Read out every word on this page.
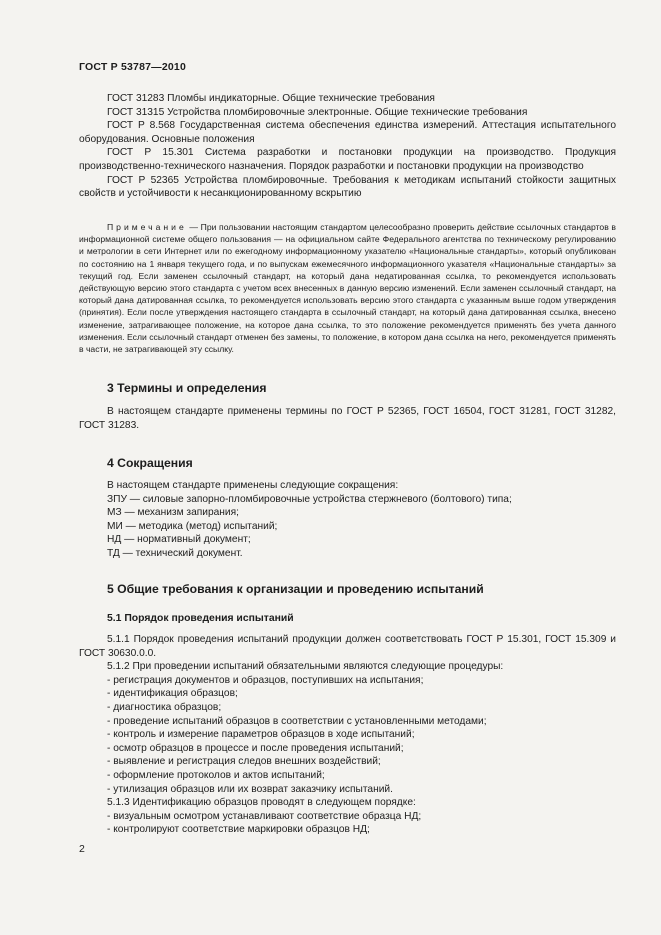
ГОСТ Р 53787—2010

ГОСТ 31283 Пломбы индикаторные. Общие технические требования

ГОСТ 31315 Устройства пломбировочные электронные. Общие технические требования

ГОСТ Р 8.568 Государственная система обеспечения единства измерений. Аттестация испытательного оборудования. Основные положения

ГОСТ Р 15.301 Система разработки и постановки продукции на производство. Продукция производственно-технического назначения. Порядок разработки и постановки продукции на производство

ГОСТ Р 52365 Устройства пломбировочные. Требования к методикам испытаний стойкости защитных свойств и устойчивости к несанкционированному вскрытию

Примечание — При пользовании настоящим стандартом целесообразно проверить действие ссылочных стандартов в информационной системе общего пользования — на официальном сайте Федерального агентства по техническому регулированию и метрологии в сети Интернет или по ежегодному информационному указателю «Национальные стандарты», который опубликован по состоянию на 1 января текущего года, и по выпускам ежемесячного информационного указателя «Национальные стандарты» за текущий год. Если заменен ссылочный стандарт, на который дана недатированная ссылка, то рекомендуется использовать действующую версию этого стандарта с учетом всех внесенных в данную версию изменений. Если заменен ссылочный стандарт, на который дана датированная ссылка, то рекомендуется использовать версию этого стандарта с указанным выше годом утверждения (принятия). Если после утверждения настоящего стандарта в ссылочный стандарт, на который дана датированная ссылка, внесено изменение, затрагивающее положение, на которое дана ссылка, то это положение рекомендуется применять без учета данного изменения. Если ссылочный стандарт отменен без замены, то положение, в котором дана ссылка на него, рекомендуется применять в части, не затрагивающей эту ссылку.

3 Термины и определения

В настоящем стандарте применены термины по ГОСТ Р 52365, ГОСТ 16504, ГОСТ 31281, ГОСТ 31282, ГОСТ 31283.

4 Сокращения

В настоящем стандарте применены следующие сокращения:

ЗПУ — силовые запорно-пломбировочные устройства стержневого (болтового) типа;

МЗ — механизм запирания;

МИ — методика (метод) испытаний;

НД — нормативный документ;

ТД — технический документ.

5 Общие требования к организации и проведению испытаний
5.1 Порядок проведения испытаний

5.1.1 Порядок проведения испытаний продукции должен соответствовать ГОСТ Р 15.301, ГОСТ 15.309 и ГОСТ 30630.0.0.

5.1.2 При проведении испытаний обязательными являются следующие процедуры:

- регистрация документов и образцов, поступивших на испытания;

- идентификация образцов;

- диагностика образцов;

- проведение испытаний образцов в соответствии с установленными методами;

- контроль и измерение параметров образцов в ходе испытаний;

- осмотр образцов в процессе и после проведения испытаний;

- выявление и регистрация следов внешних воздействий;

- оформление протоколов и актов испытаний;

- утилизация образцов или их возврат заказчику испытаний.

5.1.3 Идентификацию образцов проводят в следующем порядке:

- визуальным осмотром устанавливают соответствие образца НД;

- контролируют соответствие маркировки образцов НД;

2
